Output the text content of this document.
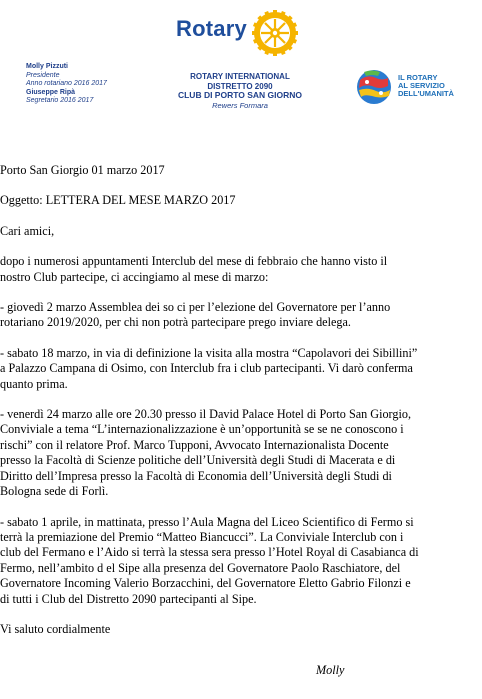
Rotary
Molly Pizzuti
Presidente
Anno rotariano 2016 2017
Giuseppe Ripà
Segretario 2016 2017
ROTARY INTERNATIONAL
DISTRETTO 2090
CLUB DI PORTO SAN GIORNO
Rewers Formara
IL ROTARY
AL SERVIZIO
DELL'UMANITÀ

Porto San Giorgio 01 marzo 2017

Oggetto: LETTERA DEL MESE MARZO 2017

Cari amici,

dopo i numerosi appuntamenti Interclub del mese di febbraio che hanno visto il

nostro Club partecipe, ci accingiamo al mese di marzo:

- giovedì 2 marzo Assemblea dei so ci per l’elezione del Governatore per l’anno

rotariano 2019/2020, per chi non potrà partecipare prego inviare delega.

- sabato 18 marzo, in via di definizione la visita alla mostra “Capolavori dei Sibillini”

a Palazzo Campana di Osimo, con Interclub fra i club partecipanti. Vi darò conferma

quanto prima.

- venerdì 24 marzo alle ore 20.30 presso il David Palace Hotel di Porto San Giorgio,

Conviviale a tema “L’internazionalizzazione è un’opportunità se se ne conoscono i

rischi” con il relatore Prof. Marco Tupponi, Avvocato Internazionalista Docente

presso la Facoltà di Scienze politiche dell’Università degli Studi di Macerata e di

Diritto dell’Impresa presso la Facoltà di Economia dell’Università degli Studi di

Bologna sede di Forlì.

- sabato 1 aprile, in mattinata, presso l’Aula Magna del Liceo Scientifico di Fermo si

terrà la premiazione del Premio “Matteo Biancucci”. La Conviviale Interclub con i

club del Fermano e l’Aido si terrà la stessa sera presso l’Hotel Royal di Casabianca di

Fermo, nell’ambito d el Sipe alla presenza del Governatore Paolo Raschiatore, del

Governatore Incoming Valerio Borzacchini, del Governatore Eletto Gabrio Filonzi e

di tutti i Club del Distretto 2090 partecipanti al Sipe.

Vi saluto cordialmente

Molly
